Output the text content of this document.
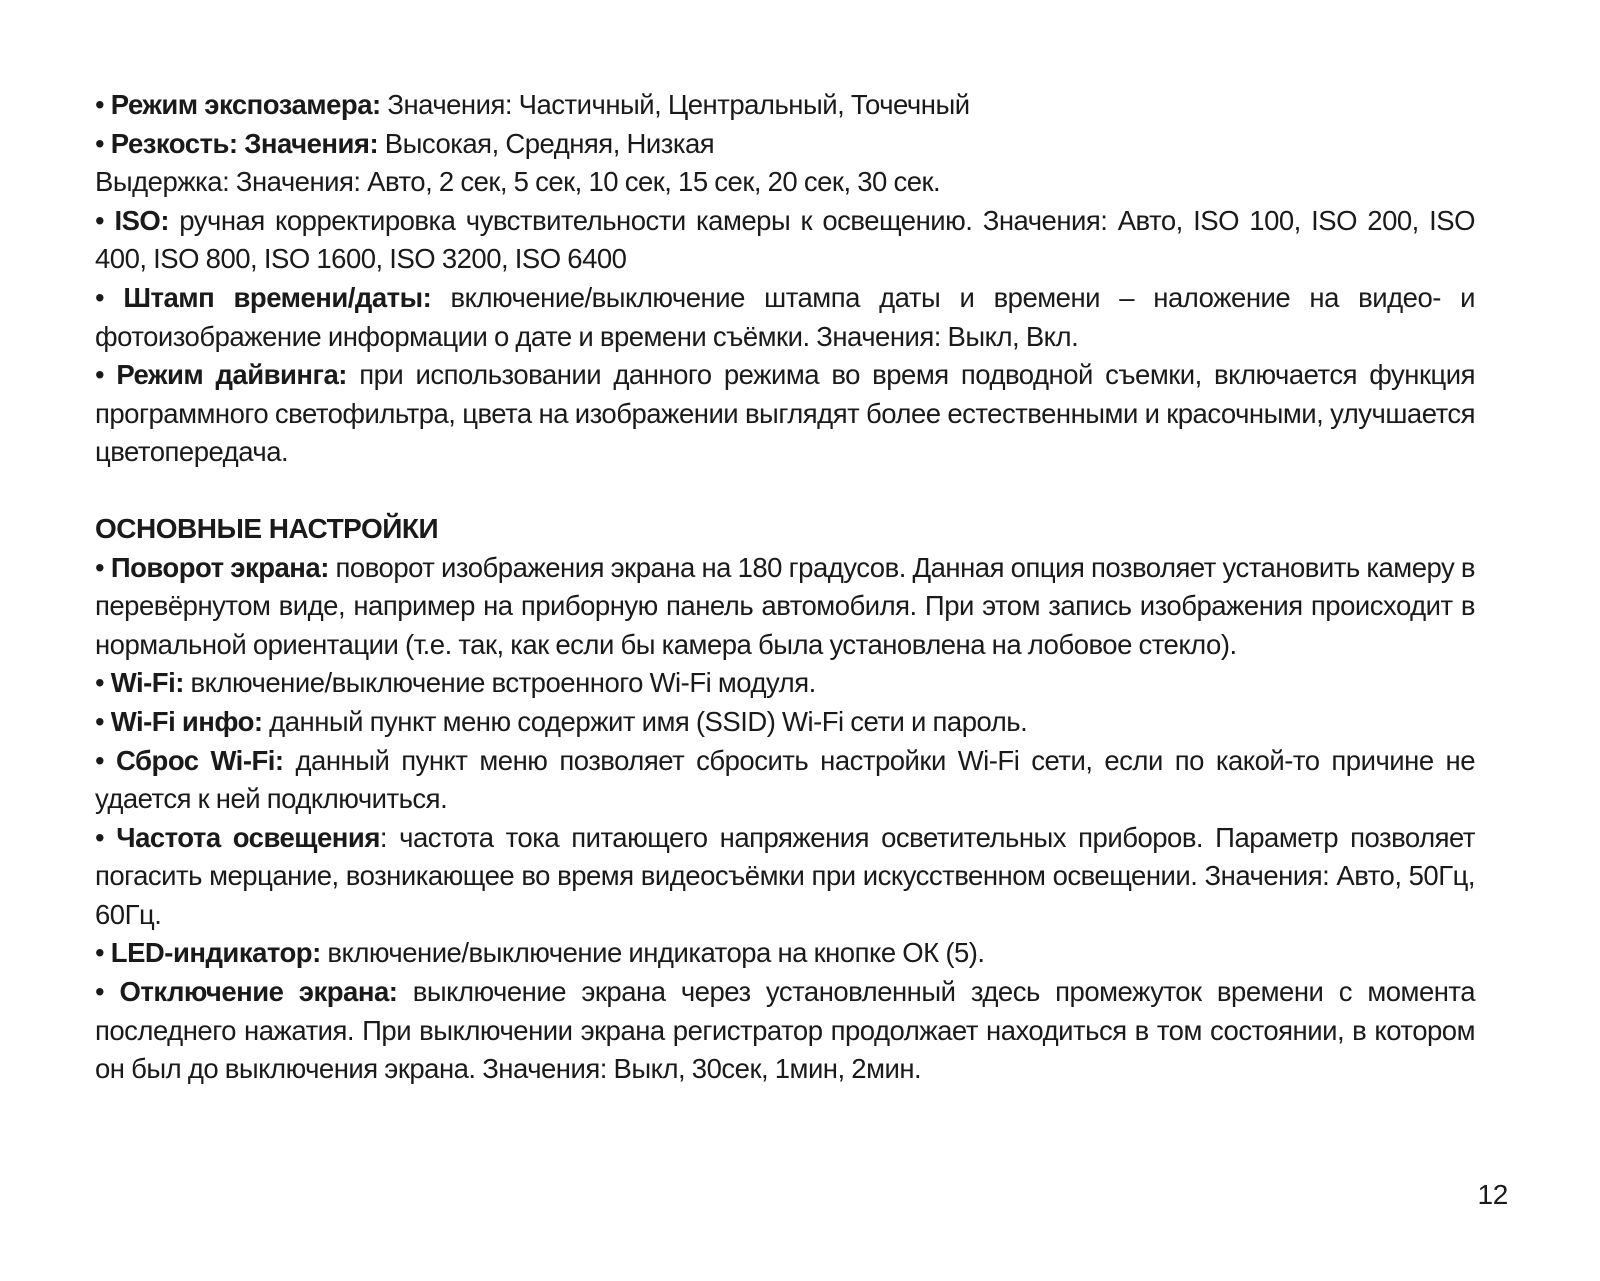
• Режим экспозамера: Значения: Частичный, Центральный, Точечный

• Резкость: Значения: Высокая, Средняя, Низкая

Выдержка: Значения: Авто, 2 сек, 5 сек, 10 сек, 15 сек, 20 сек, 30 сек.

• ISO: ручная корректировка чувствительности камеры к освещению. Значения: Авто, ISO 100, ISO 200, ISO 400, ISO 800, ISO 1600, ISO 3200, ISO 6400

• Штамп времени/даты: включение/выключение штампа даты и времени – наложение на видео- и фотоизображение информации о дате и времени съёмки. Значения: Выкл, Вкл.

• Режим дайвинга: при использовании данного режима во время подводной съемки, включается функция программного светофильтра, цвета на изображении выглядят более естественными и красочными, улучшается цветопередача.

ОСНОВНЫЕ НАСТРОЙКИ

• Поворот экрана: поворот изображения экрана на 180 градусов. Данная опция позволяет установить камеру в перевёрнутом виде, например на приборную панель автомобиля. При этом запись изображения происходит в нормальной ориентации (т.е. так, как если бы камера была установлена на лобовое стекло).

• Wi-Fi: включение/выключение встроенного Wi-Fi модуля.

• Wi-Fi инфо: данный пункт меню содержит имя (SSID) Wi-Fi сети и пароль.

• Сброс Wi-Fi: данный пункт меню позволяет сбросить настройки Wi-Fi сети, если по какой-то причине не удается к ней подключиться.

• Частота освещения: частота тока питающего напряжения осветительных приборов. Параметр позволяет погасить мерцание, возникающее во время видеосъёмки при искусственном освещении. Значения: Авто, 50Гц, 60Гц.

• LED-индикатор: включение/выключение индикатора на кнопке ОК (5).

• Отключение экрана: выключение экрана через установленный здесь промежуток времени с момента последнего нажатия. При выключении экрана регистратор продолжает находиться в том состоянии, в котором он был до выключения экрана. Значения: Выкл, 30сек, 1мин, 2мин.

12
